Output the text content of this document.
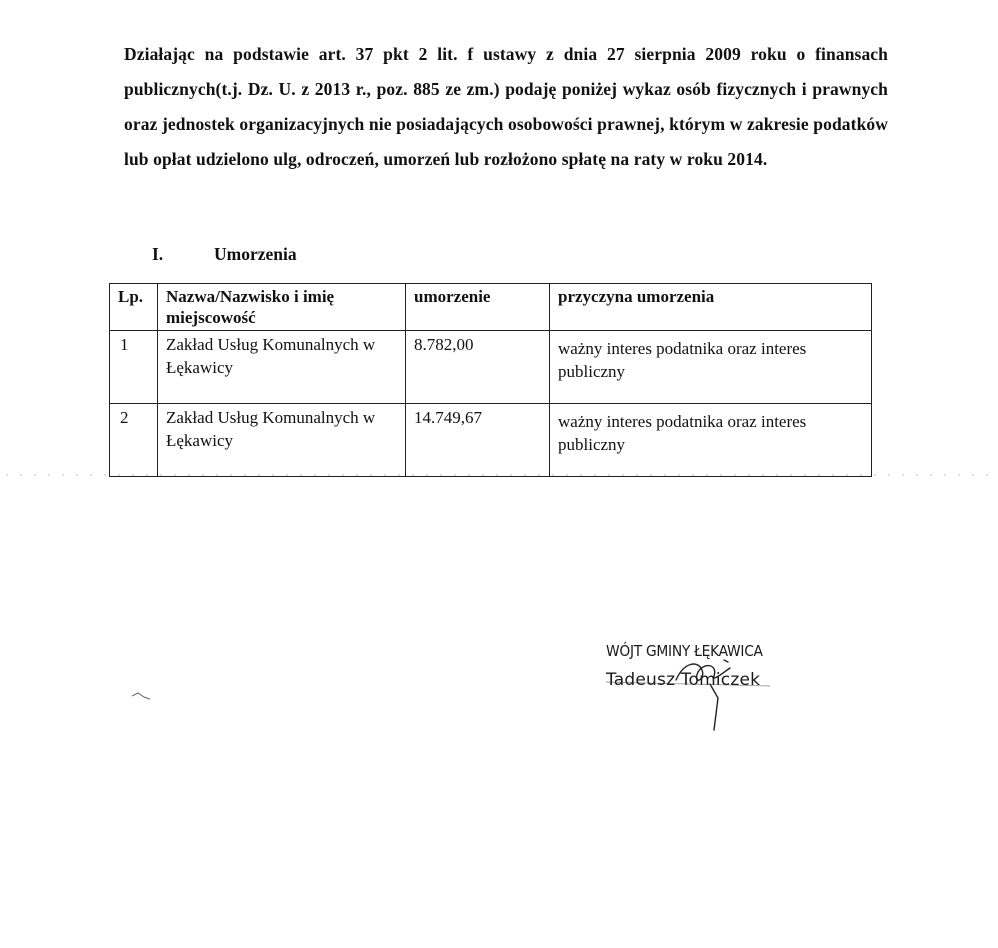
Działając na podstawie art. 37 pkt 2 lit. f ustawy z dnia 27 sierpnia 2009 roku o finansach publicznych(t.j. Dz. U. z 2013 r., poz. 885 ze zm.) podaję poniżej wykaz osób fizycznych i prawnych oraz jednostek organizacyjnych nie posiadających osobowości prawnej, którym w zakresie podatków lub opłat udzielono ulg, odroczeń, umorzeń lub rozłożono spłatę na raty w roku 2014.
I.	Umorzenia
Lp.	Nazwa/Nazwisko i imię miejscowość	umorzenie	przyczyna umorzenia
1	Zakład Usług Komunalnych w Łękawicy	8.782,00	ważny interes podatnika oraz interes publiczny
2	Zakład Usług Komunalnych w Łękawicy	14.749,67	ważny interes podatnika oraz interes publiczny
WÓJT GMINY ŁĘKAWICA
Tadeusz Tomiczek
